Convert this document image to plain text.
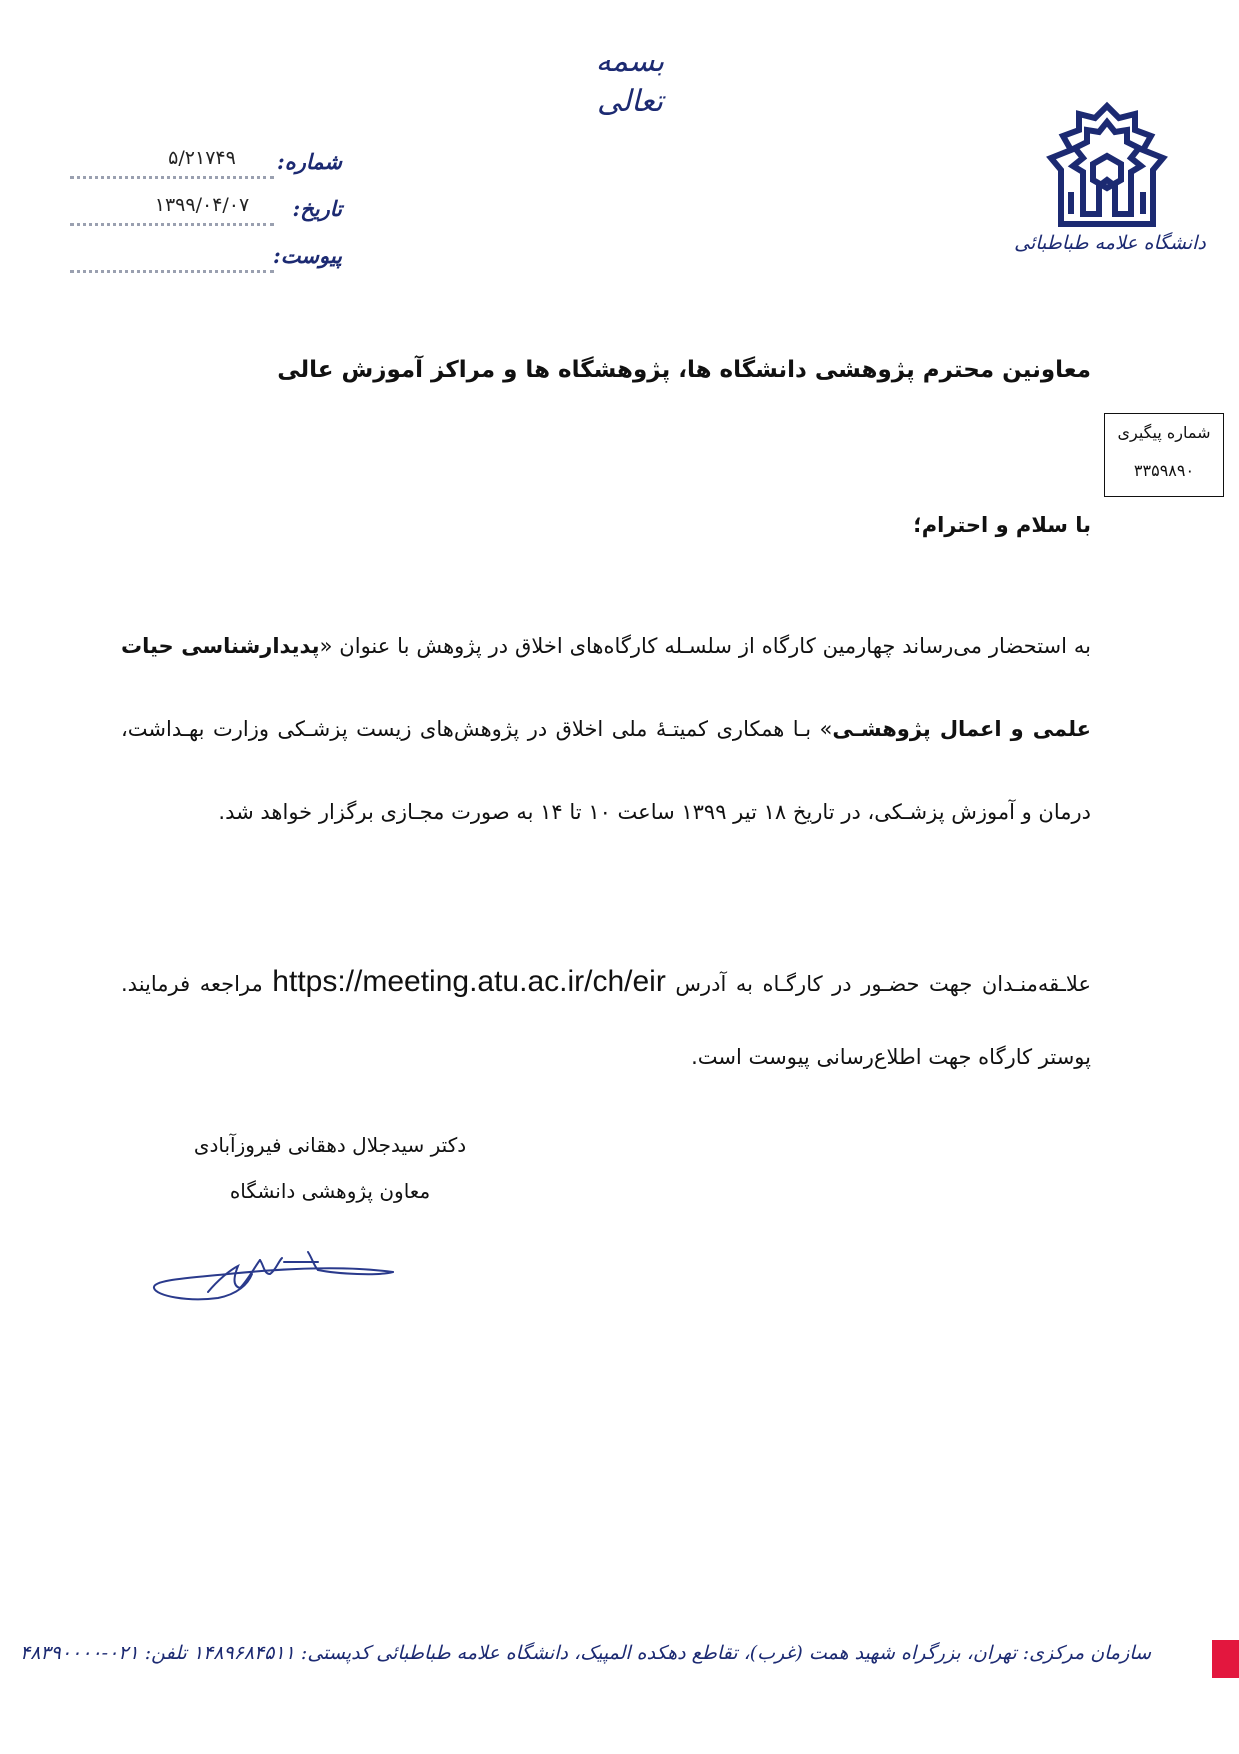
بسمه تعالی
دانشگاه علامه طباطبائی
شماره:
۵/۲۱۷۴۹
تاریخ:
۱۳۹۹/۰۴/۰۷
پیوست:
معاونین محترم پژوهشی دانشگاه ها، پژوهشگاه ها و مراکز آموزش عالی
شماره پیگیری
۳۳۵۹۸۹۰
با سلام و احترام؛
به استحضار می‌رساند چهارمین کارگاه از سلسـله کارگاه‌های اخلاق در پژوهش با عنوان «پدیدارشناسی حیات علمی و اعمال پژوهشـی» بـا همکاری کمیتـهٔ ملی اخلاق در پژوهش‌های زیست پزشـکی وزارت بهـداشت، درمان و آموزش پزشـکی، در تاریخ ۱۸ تیر ۱۳۹۹ ساعت ۱۰ تا ۱۴ به صورت مجـازی برگزار خواهد شد.
علاـقه‌منـدان جهت حضـور در کارگـاه به آدرس https://meeting.atu.ac.ir/ch/eir مراجعه فرمایند. پوستر کارگاه جهت اطلاع‌رسانی پیوست است.
دکتر سیدجلال دهقانی فیروزآبادی
معاون پژوهشی دانشگاه
سازمان مرکزی: تهران، بزرگراه شهید همت (غرب)، تقاطع دهکده المپیک، دانشگاه علامه طباطبائی کدپستی: ۱۴۸۹۶۸۴۵۱۱ تلفن: ۰۲۱-۴۸۳۹۰۰۰۰
